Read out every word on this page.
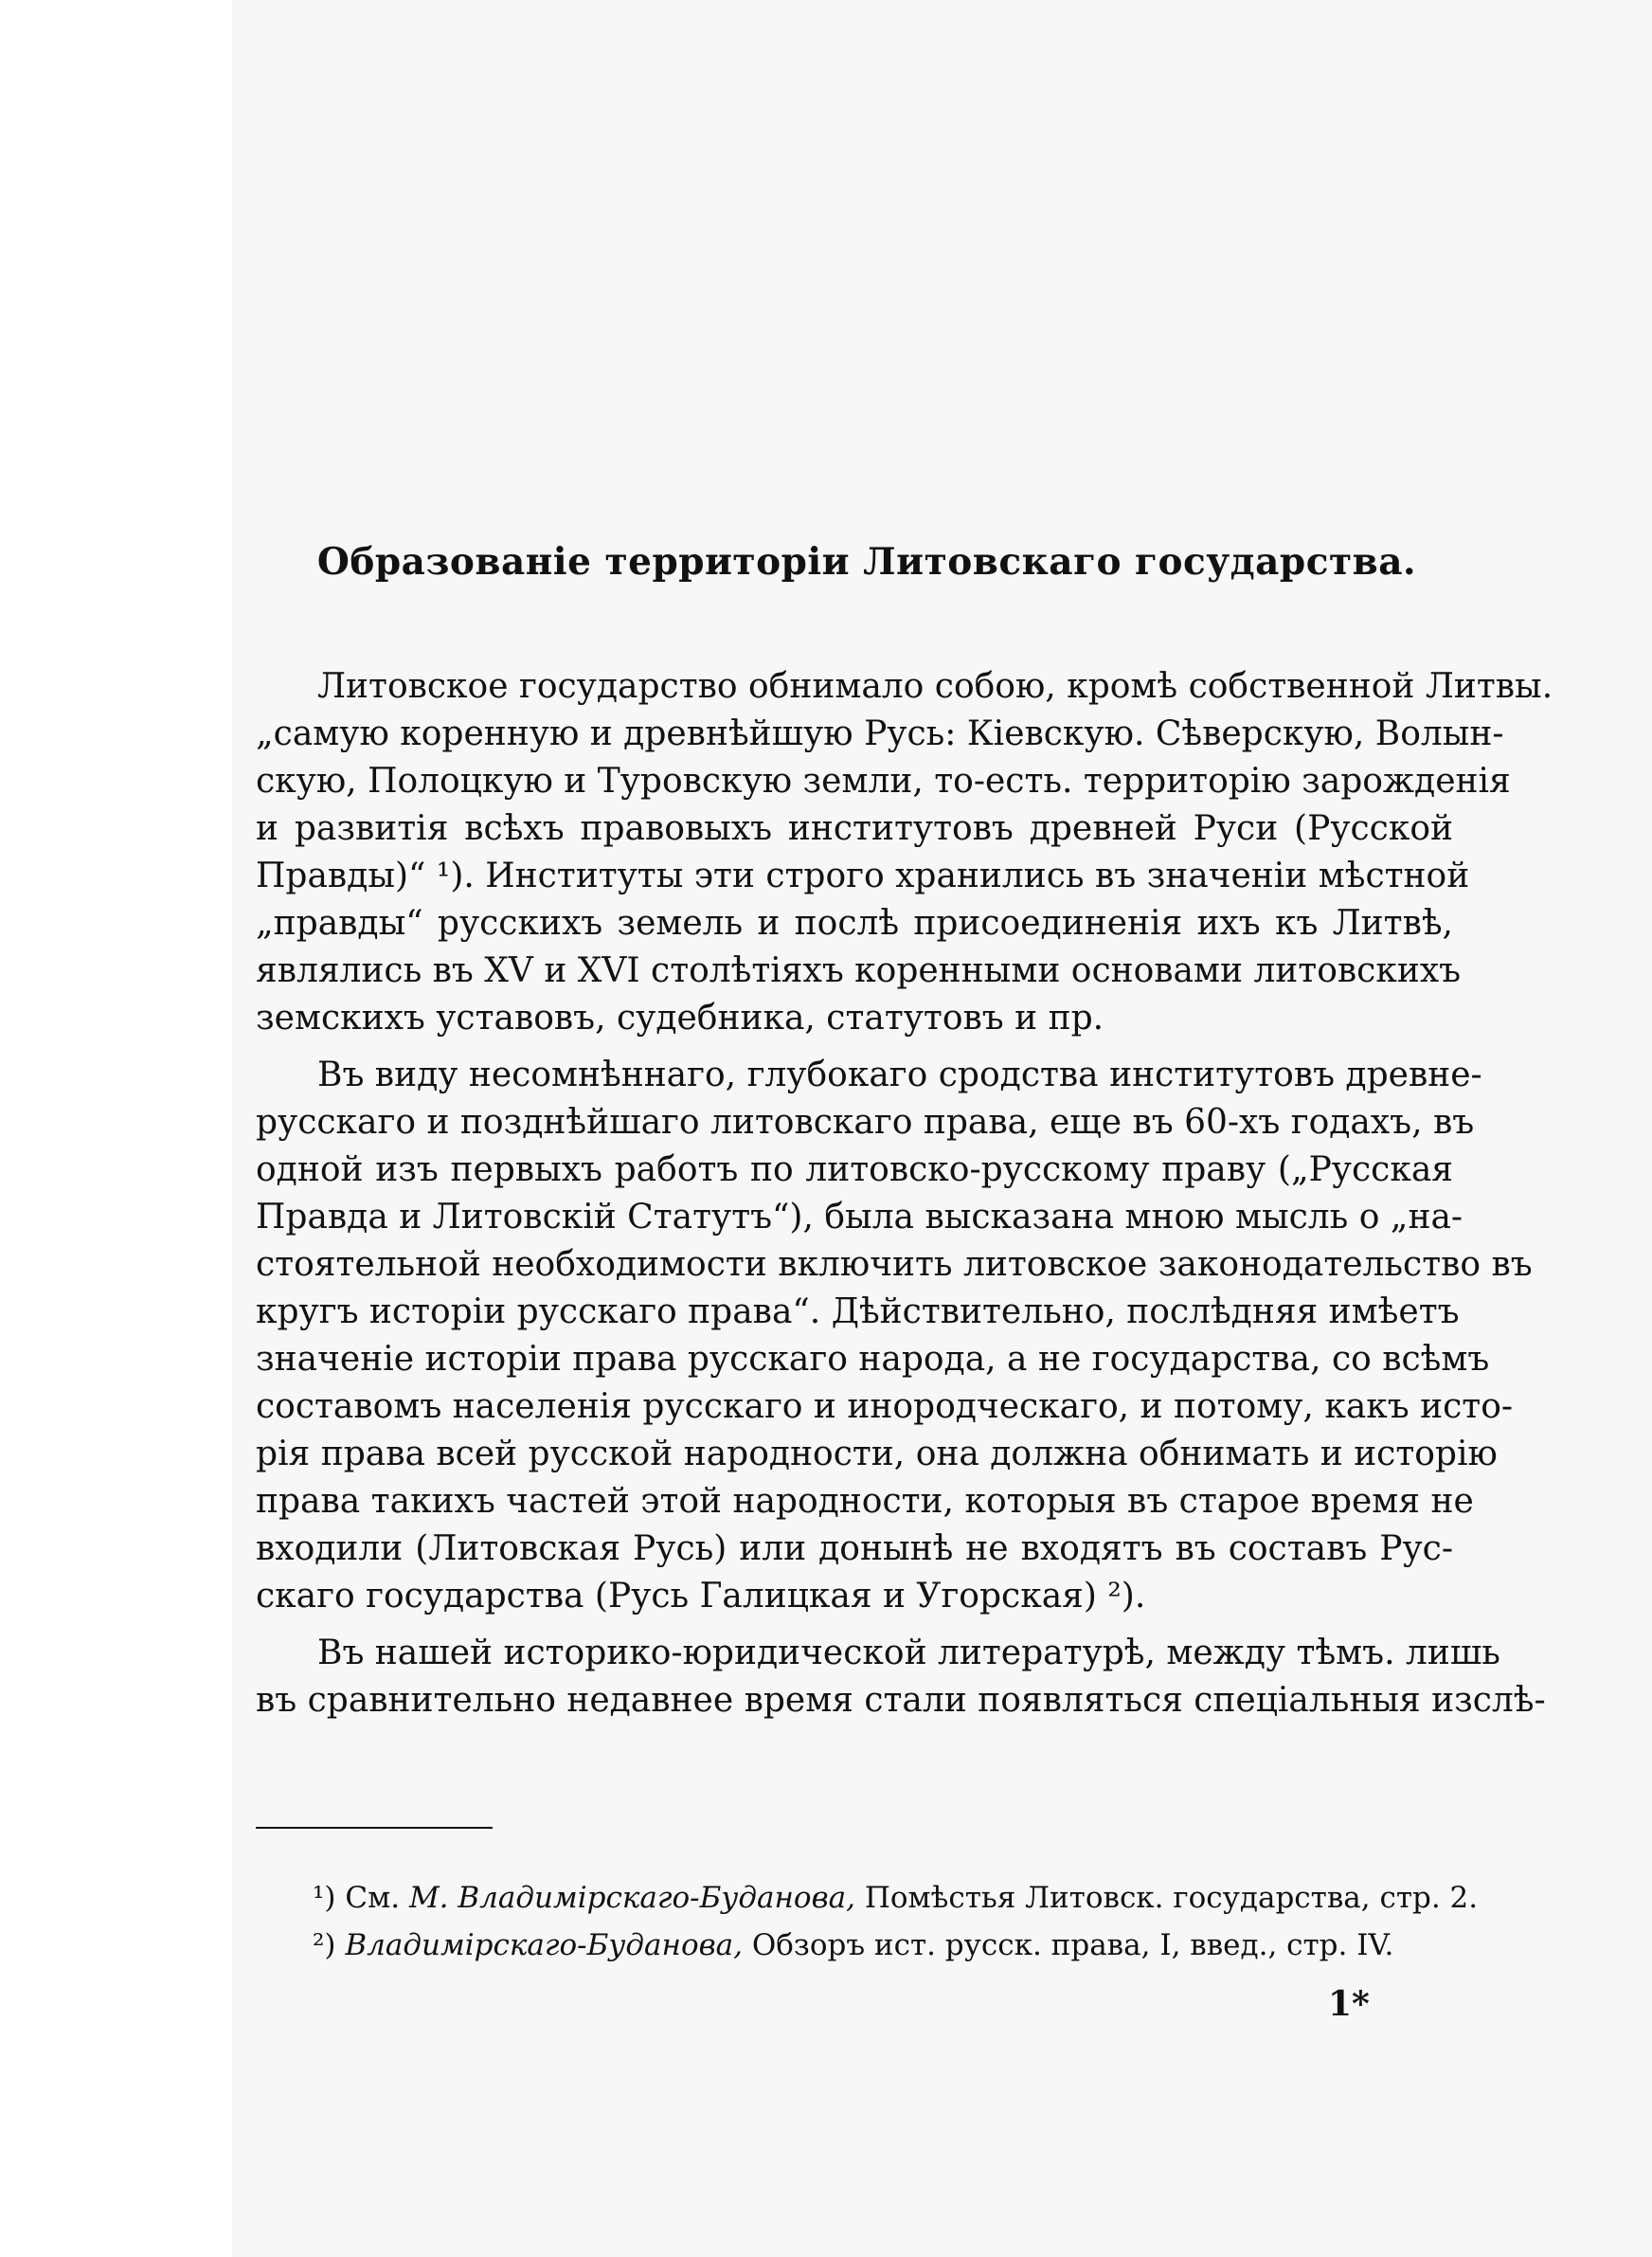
Образованіе территоріи Литовскаго государства.
Литовское государство обнимало собою, кромѣ собственной Литвы.
„самую коренную и древнѣйшую Русь: Кіевскую. Сѣверскую, Волын-
скую, Полоцкую и Туровскую земли, то-есть. территорію зарожденія
и развитія всѣхъ правовыхъ институтовъ древней Руси (Русской
Правды)“ ¹). Институты эти строго хранились въ значеніи мѣстной
„правды“ русскихъ земель и послѣ присоединенія ихъ къ Литвѣ,
являлись въ XV и XVI столѣтіяхъ коренными основами литовскихъ
земскихъ уставовъ, судебника, статутовъ и пр.
Въ виду несомнѣннаго, глубокаго сродства институтовъ древне-
русскаго и позднѣйшаго литовскаго права, еще въ 60-хъ годахъ, въ
одной изъ первыхъ работъ по литовско-русскому праву („Русская
Правда и Литовскій Статутъ“), была высказана мною мысль о „на-
стоятельной необходимости включить литовское законодательство въ
кругъ исторіи русскаго права“. Дѣйствительно, послѣдняя имѣетъ
значеніе исторіи права русскаго народа, а не государства, со всѣмъ
составомъ населенія русскаго и инородческаго, и потому, какъ исто-
рія права всей русской народности, она должна обнимать и исторію
права такихъ частей этой народности, которыя въ старое время не
входили (Литовская Русь) или донынѣ не входятъ въ составъ Рус-
скаго государства (Русь Галицкая и Угорская) ²).
Въ нашей историко-юридической литературѣ, между тѣмъ. лишь
въ сравнительно недавнее время стали появляться спеціальныя изслѣ-
¹) См. М. Владимірскаго-Буданова, Помѣстья Литовск. государства, стр. 2.
²) Владимірскаго-Буданова, Обзоръ ист. русск. права, I, введ., стр. IV.
1*
